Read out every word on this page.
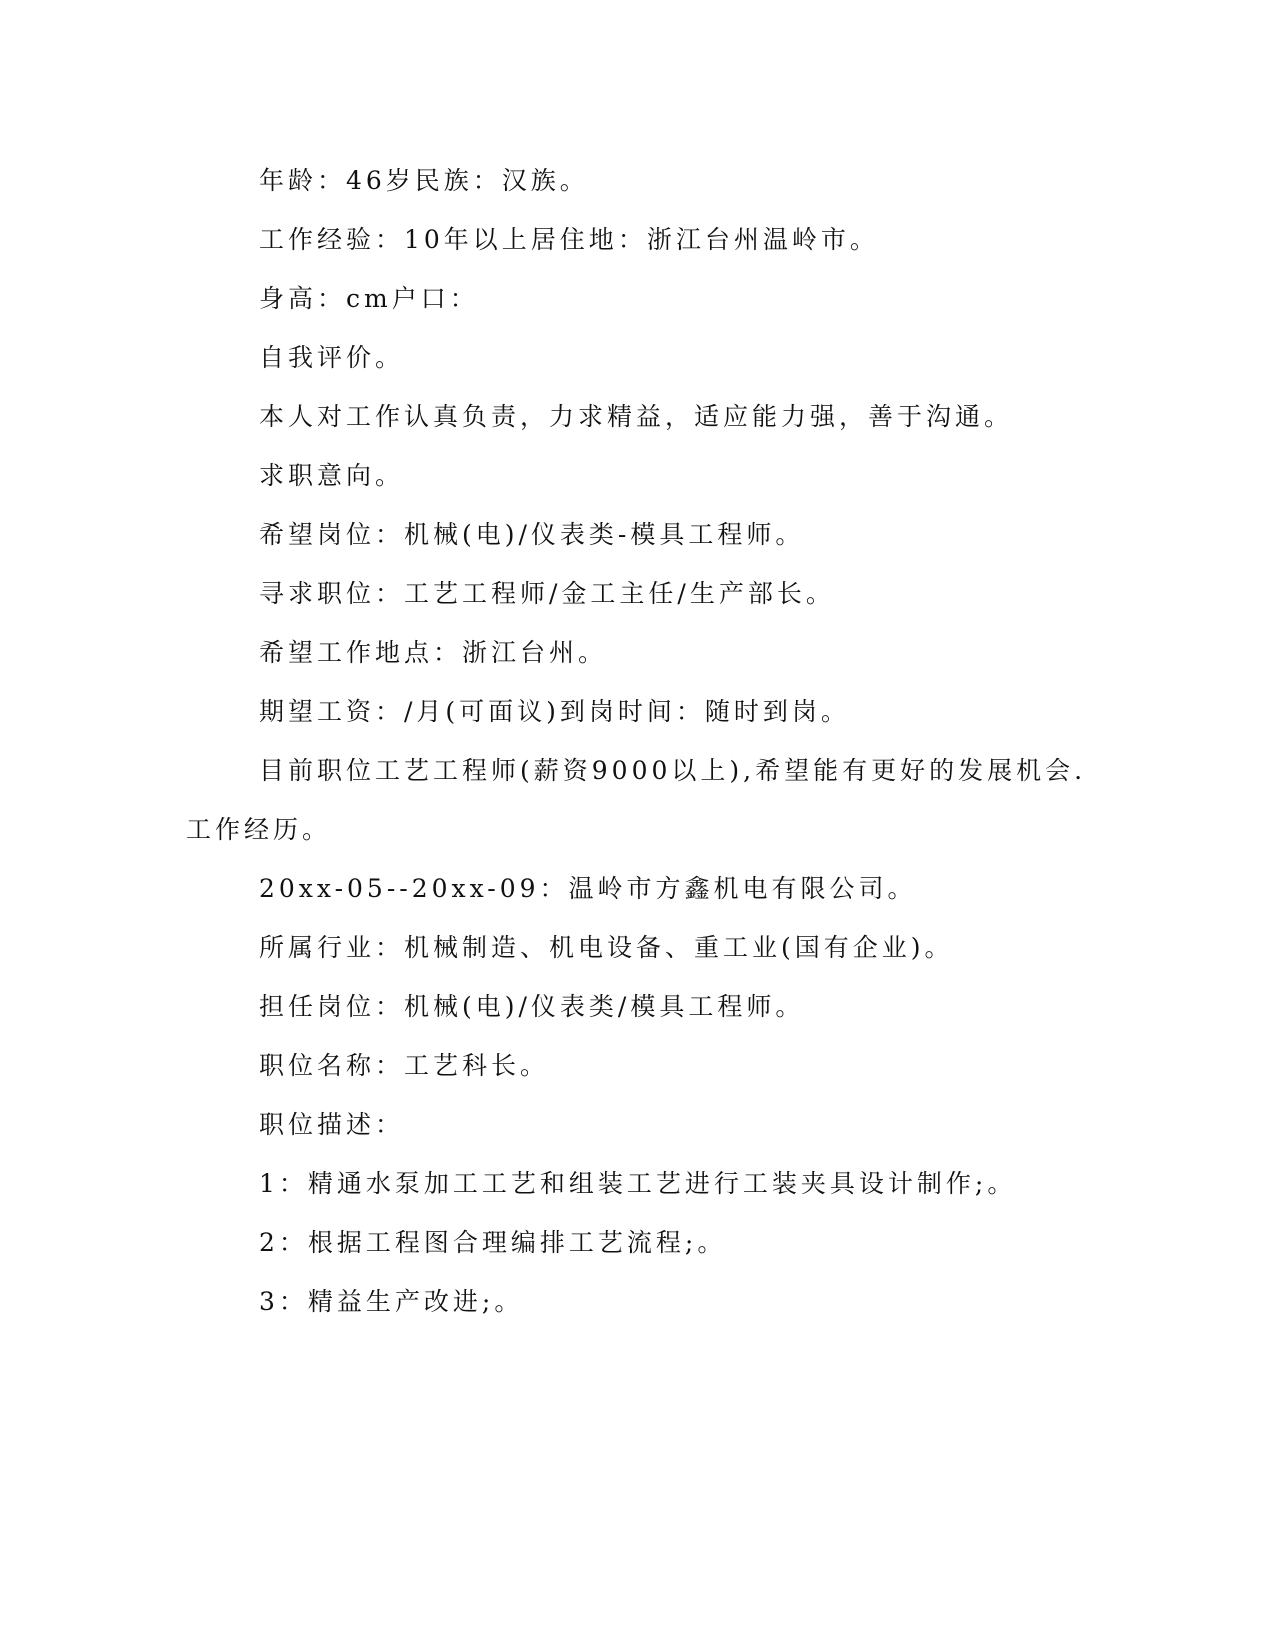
年龄：46岁民族：汉族。
工作经验：10年以上居住地：浙江台州温岭市。
身高：cm户口：
自我评价。
本人对工作认真负责，力求精益，适应能力强，善于沟通。
求职意向。
希望岗位：机械(电)/仪表类-模具工程师。
寻求职位：工艺工程师/金工主任/生产部长。
希望工作地点：浙江台州。
期望工资：/月(可面议)到岗时间：随时到岗。
目前职位工艺工程师(薪资9000以上),希望能有更好的发展机会.
工作经历。
20xx-05--20xx-09：温岭市方鑫机电有限公司。
所属行业：机械制造、机电设备、重工业(国有企业)。
担任岗位：机械(电)/仪表类/模具工程师。
职位名称：工艺科长。
职位描述：
1：精通水泵加工工艺和组装工艺进行工装夹具设计制作;。
2：根据工程图合理编排工艺流程;。
3：精益生产改进;。
